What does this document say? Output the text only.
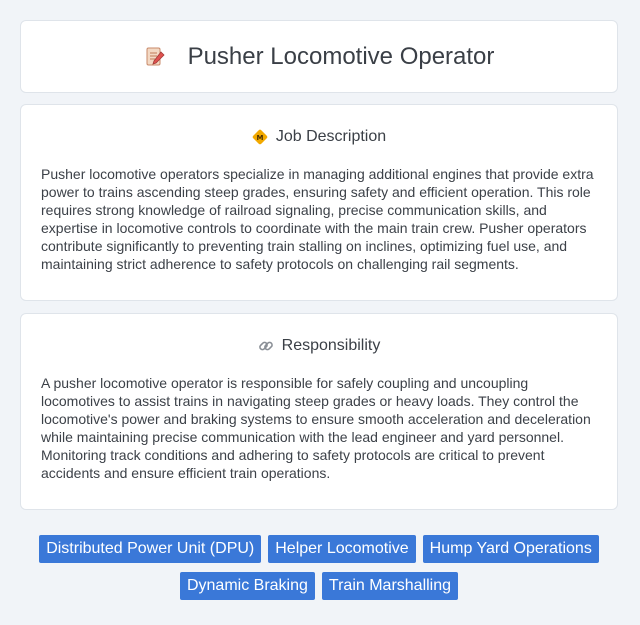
Pusher Locomotive Operator
M Job Description
Pusher locomotive operators specialize in managing additional engines that provide extra power to trains ascending steep grades, ensuring safety and efficient operation. This role requires strong knowledge of railroad signaling, precise communication skills, and expertise in locomotive controls to coordinate with the main train crew. Pusher operators contribute significantly to preventing train stalling on inclines, optimizing fuel use, and maintaining strict adherence to safety protocols on challenging rail segments.
Responsibility
A pusher locomotive operator is responsible for safely coupling and uncoupling locomotives to assist trains in navigating steep grades or heavy loads. They control the locomotive's power and braking systems to ensure smooth acceleration and deceleration while maintaining precise communication with the lead engineer and yard personnel. Monitoring track conditions and adhering to safety protocols are critical to prevent accidents and ensure efficient train operations.
Distributed Power Unit (DPU)	Helper Locomotive	Hump Yard Operations
Dynamic Braking	Train Marshalling
